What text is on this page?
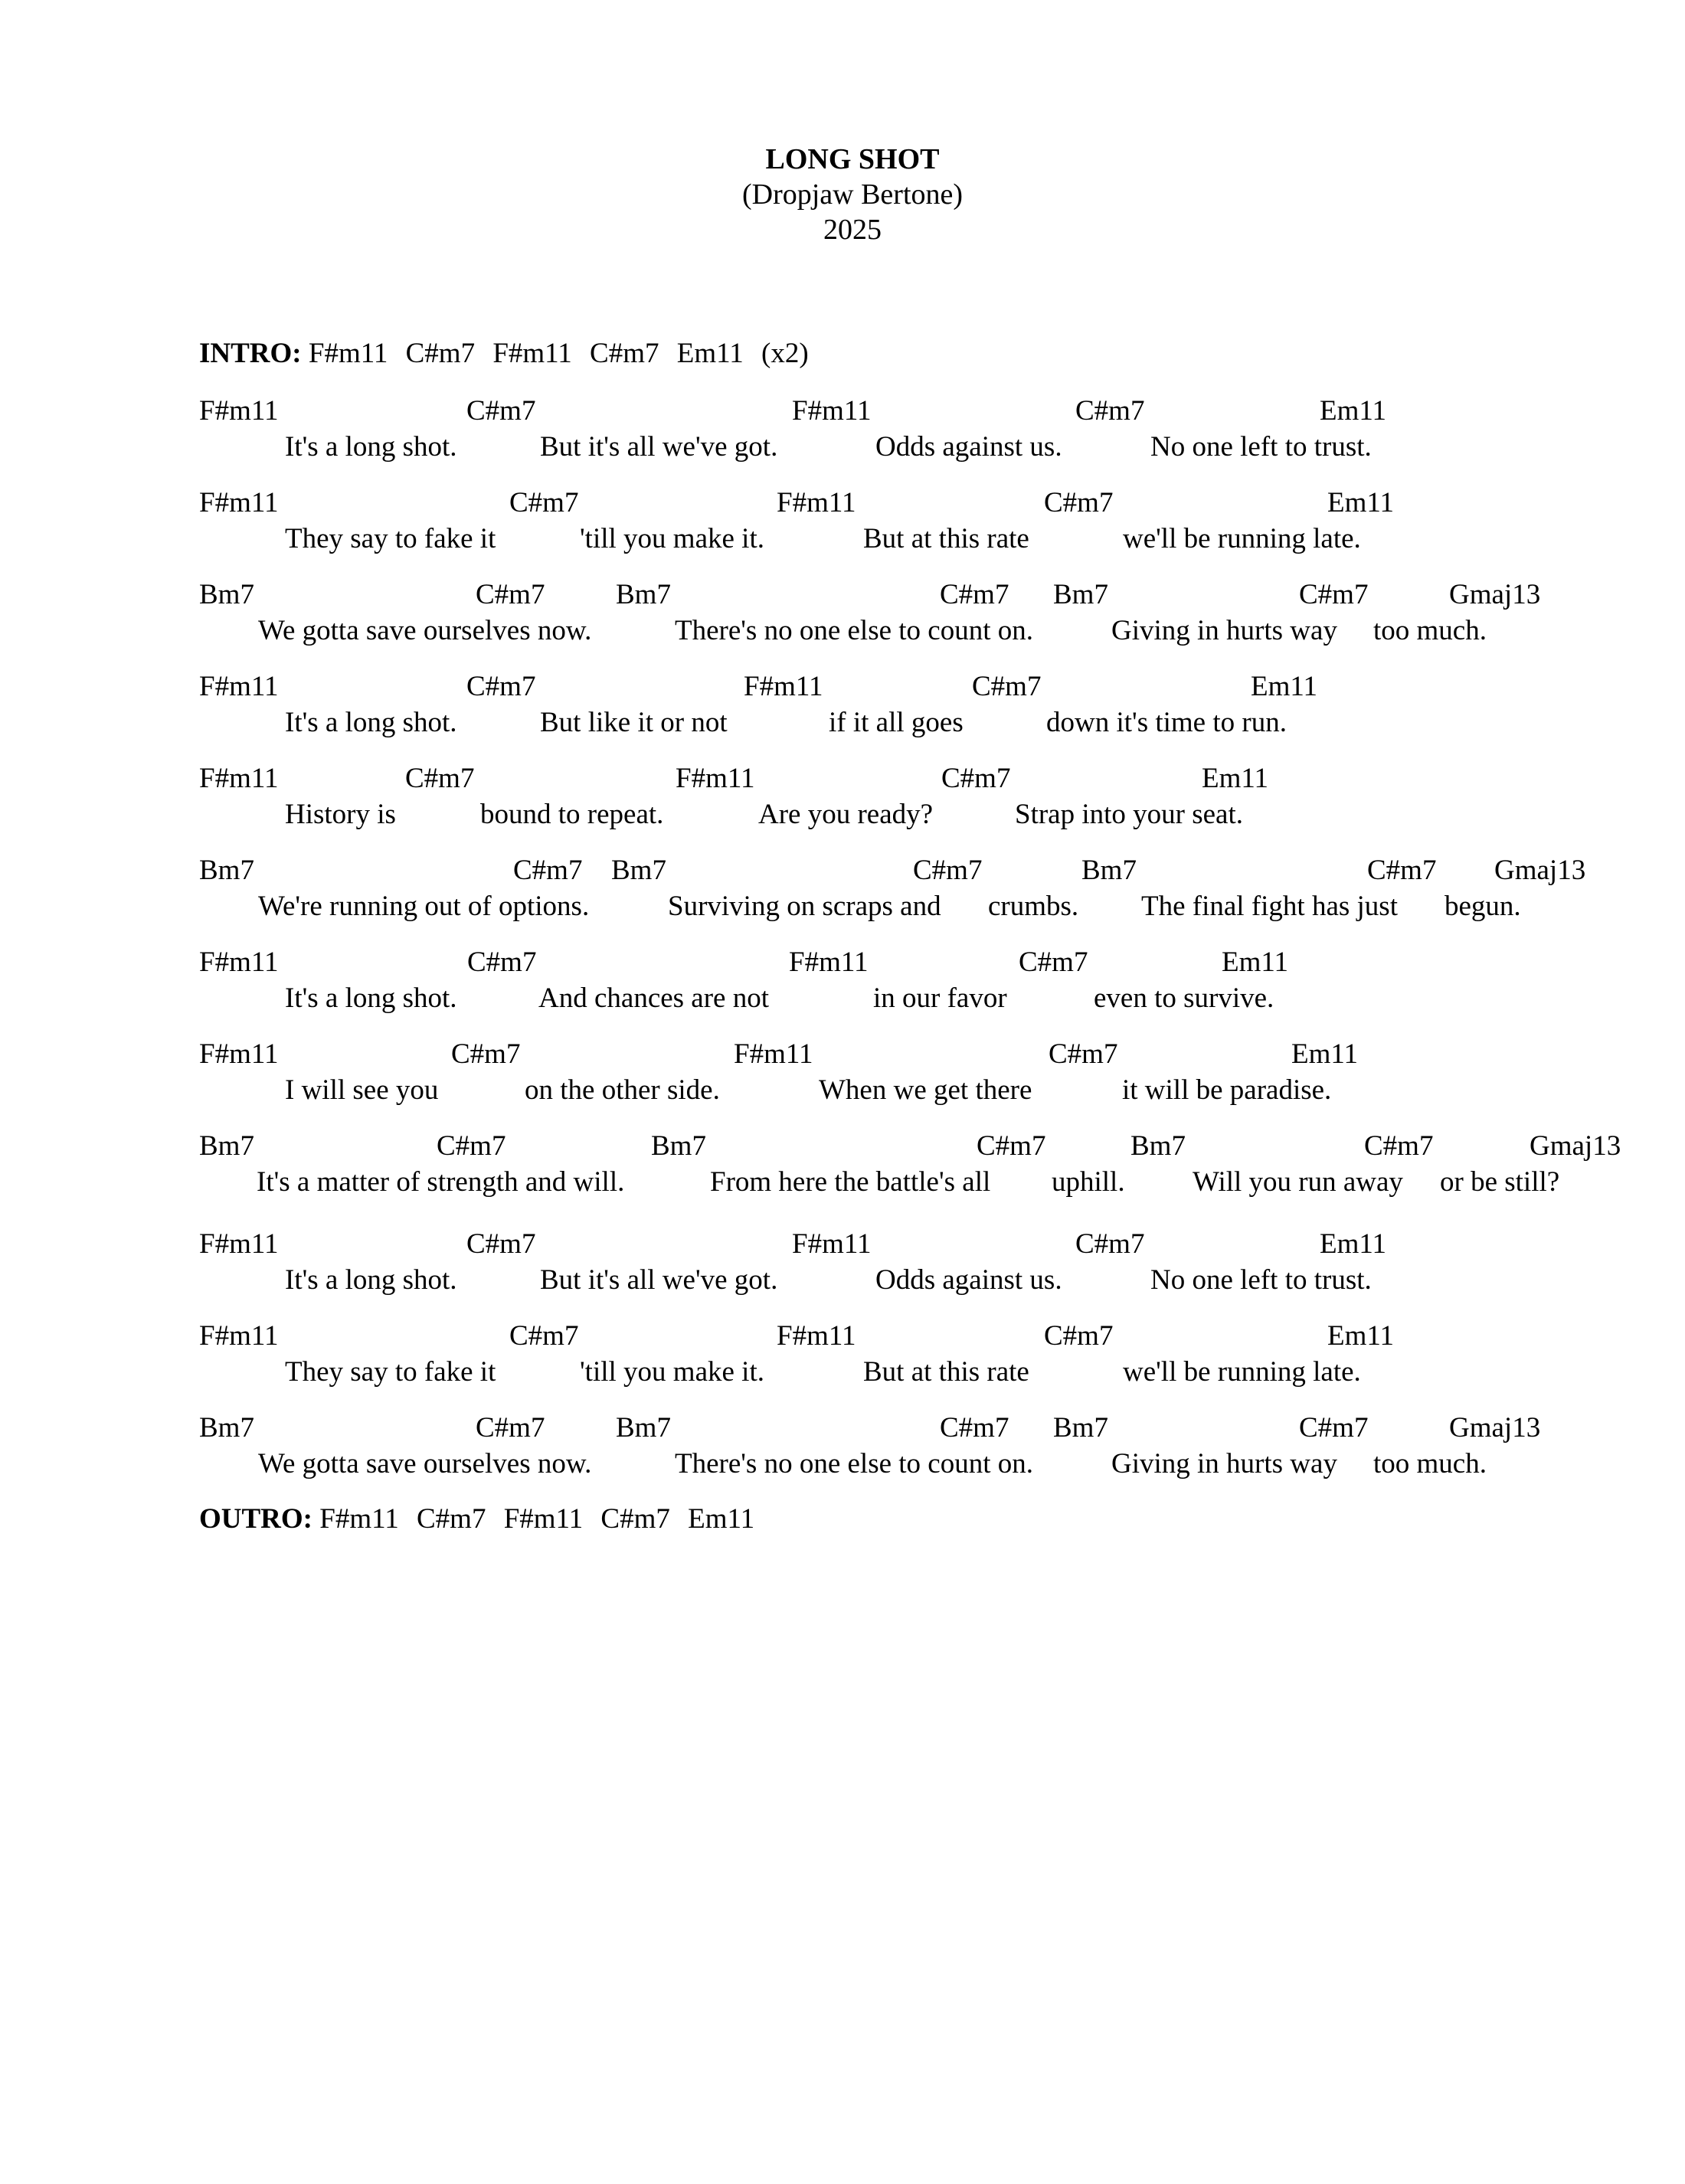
LONG SHOT
(Dropjaw Bertone)
2025
INTRO: F#m11 C#m7 F#m11 C#m7 Em11 (x2)
F#m11	C#m7	F#m11	C#m7	Em11
It's a long shot.	But it's all we've got.	Odds against us.	No one left to trust.
F#m11	C#m7	F#m11	C#m7	Em11
They say to fake it	'till you make it.	But at this rate	we'll be running late.
Bm7	C#m7	Bm7	C#m7 Bm7	C#m7	Gmaj13
We gotta save ourselves now.	There's no one else to count on.	Giving in hurts way too much.
F#m11	C#m7	F#m11	C#m7	Em11
It's a long shot.	But like it or not	if it all goes	down it's time to run.
F#m11	C#m7	F#m11	C#m7	Em11
History is	bound to repeat.	Are you ready?	Strap into your seat.
Bm7	C#m7 Bm7	C#m7	Bm7	C#m7 Gmaj13
We're running out of options.	Surviving on scraps and crumbs. The final fight has just begun.
F#m11	C#m7	F#m11	C#m7	Em11
It's a long shot.	And chances are not	in our favor	even to survive.
F#m11	C#m7	F#m11	C#m7	Em11
I will see you	on the other side.	When we get there	it will be paradise.
Bm7	C#m7	Bm7	C#m7	Bm7	C#m7	Gmaj13
It's a matter of strength and will.	From here the battle's all uphill. Will you run away or be still?
F#m11	C#m7	F#m11	C#m7	Em11
It's a long shot.	But it's all we've got.	Odds against us.	No one left to trust.
F#m11	C#m7	F#m11	C#m7	Em11
They say to fake it	'till you make it.	But at this rate	we'll be running late.
Bm7	C#m7	Bm7	C#m7 Bm7	C#m7	Gmaj13
We gotta save ourselves now.	There's no one else to count on.	Giving in hurts way too much.
OUTRO: F#m11 C#m7 F#m11 C#m7 Em11
